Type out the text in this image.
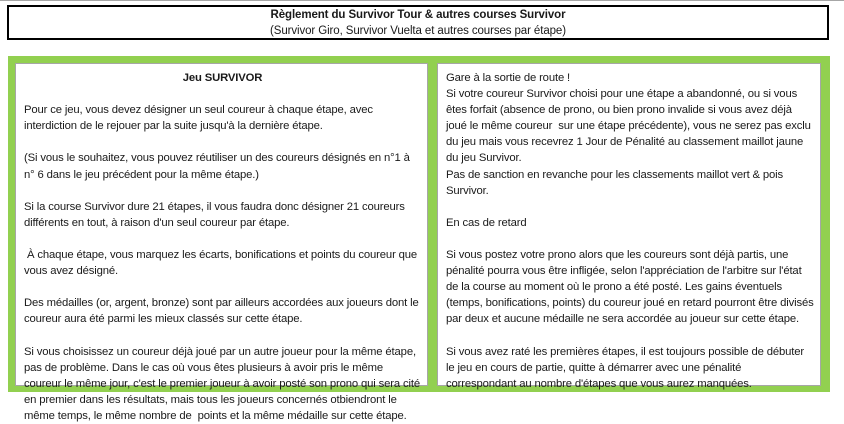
Règlement du Survivor Tour & autres courses Survivor
(Survivor Giro, Survivor Vuelta et autres courses par étape)

Jeu SURVIVOR

Pour ce jeu, vous devez désigner un seul coureur à chaque étape, avec interdiction de le rejouer par la suite jusqu'à la dernière étape.

(Si vous le souhaitez, vous pouvez réutiliser un des coureurs désignés en n°1 à n° 6 dans le jeu précédent pour la même étape.)

Si la course Survivor dure 21 étapes, il vous faudra donc désigner 21 coureurs différents en tout, à raison d'un seul coureur par étape.

À chaque étape, vous marquez les écarts, bonifications et points du coureur que vous avez désigné.

Des médailles (or, argent, bronze) sont par ailleurs accordées aux joueurs dont le coureur aura été parmi les mieux classés sur cette étape.

Si vous choisissez un coureur déjà joué par un autre joueur pour la même étape, pas de problème. Dans le cas où vous êtes plusieurs à avoir pris le même coureur le même jour, c'est le premier joueur à avoir posté son prono qui sera cité en premier dans les résultats, mais tous les joueurs concernés otbiendront le même temps, le même nombre de  points et la même médaille sur cette étape.

Gare à la sortie de route !

Si votre coureur Survivor choisi pour une étape a abandonné, ou si vous êtes forfait (absence de prono, ou bien prono invalide si vous avez déjà joué le même coureur  sur une étape précédente), vous ne serez pas exclu du jeu mais vous recevrez 1 Jour de Pénalité au classement maillot jaune du jeu Survivor.

Pas de sanction en revanche pour les classements maillot vert & pois Survivor.

En cas de retard

Si vous postez votre prono alors que les coureurs sont déjà partis, une pénalité pourra vous être infligée, selon l'appréciation de l'arbitre sur l'état de la course au moment où le prono a été posté. Les gains éventuels (temps, bonifications, points) du coureur joué en retard pourront être divisés par deux et aucune médaille ne sera accordée au joueur sur cette étape.

Si vous avez raté les premières étapes, il est toujours possible de débuter le jeu en cours de partie, quitte à démarrer avec une pénalité correspondant au nombre d'étapes que vous aurez manquées.
